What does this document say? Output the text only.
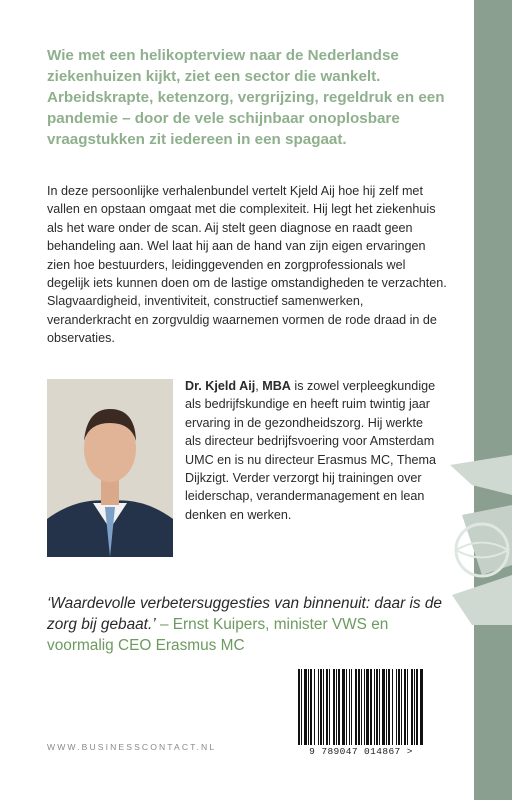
Wie met een helikopterview naar de Nederlandse ziekenhuizen kijkt, ziet een sector die wankelt. Arbeidskrapte, ketenzorg, vergrijzing, regeldruk en een pandemie – door de vele schijnbaar onoplosbare vraagstukken zit iedereen in een spagaat.

In deze persoonlijke verhalenbundel vertelt Kjeld Aij hoe hij zelf met vallen en opstaan omgaat met die complexiteit. Hij legt het ziekenhuis als het ware onder de scan. Aij stelt geen diagnose en raadt geen behandeling aan. Wel laat hij aan de hand van zijn eigen ervaringen zien hoe bestuurders, leidinggevenden en zorgprofessionals wel degelijk iets kunnen doen om de lastige omstandigheden te verzachten. Slagvaardigheid, inventiviteit, constructief samenwerken, veranderkracht en zorgvuldig waarnemen vormen de rode draad in de observaties.

Dr. Kjeld Aij, MBA is zowel verpleegkundige als bedrijfskundige en heeft ruim twintig jaar ervaring in de gezondheidszorg. Hij werkte als directeur bedrijfsvoering voor Amsterdam UMC en is nu directeur Erasmus MC, Thema Dijkzigt. Verder verzorgt hij trainingen over leiderschap, verandermanagement en lean denken en werken.

‘Waardevolle verbetersuggesties van binnenuit: daar is de zorg bij gebaat.’ – Ernst Kuipers, minister VWS en voormalig CEO Erasmus MC

9 789047 014867 >
WWW.BUSINESSCONTACT.NL
